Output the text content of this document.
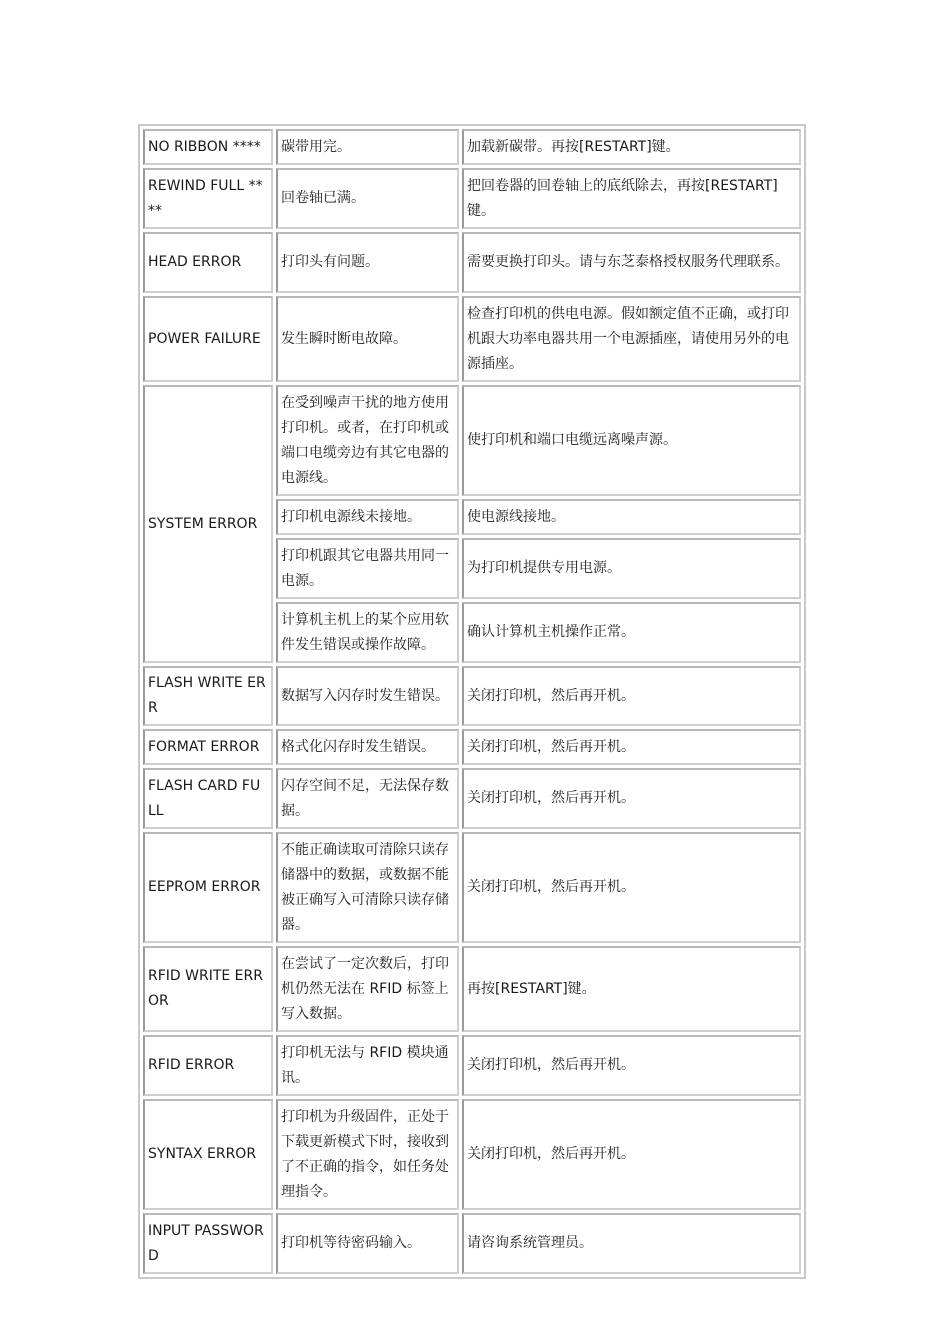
NO RIBBON ****	碳带用完。	加载新碳带。再按[RESTART]键。
REWIND FULL ****	回卷轴已满。	把回卷器的回卷轴上的底纸除去，再按[RESTART]键。
HEAD ERROR	打印头有问题。	需要更换打印头。请与东芝泰格授权服务代理联系。
POWER FAILURE	发生瞬时断电故障。	检查打印机的供电电源。假如额定值不正确，或打印机跟大功率电器共用一个电源插座，请使用另外的电源插座。
SYSTEM ERROR	在受到噪声干扰的地方使用打印机。或者，在打印机或端口电缆旁边有其它电器的电源线。	使打印机和端口电缆远离噪声源。
	打印机电源线未接地。	使电源线接地。
	打印机跟其它电器共用同一电源。	为打印机提供专用电源。
	计算机主机上的某个应用软件发生错误或操作故障。	确认计算机主机操作正常。
FLASH WRITE ERR	数据写入闪存时发生错误。	关闭打印机，然后再开机。
FORMAT ERROR	格式化闪存时发生错误。	关闭打印机，然后再开机。
FLASH CARD FULL	闪存空间不足，无法保存数据。	关闭打印机，然后再开机。
EEPROM ERROR	不能正确读取可清除只读存储器中的数据，或数据不能被正确写入可清除只读存储器。	关闭打印机，然后再开机。
RFID WRITE ERROR	在尝试了一定次数后，打印机仍然无法在 RFID 标签上写入数据。	再按[RESTART]键。
RFID ERROR	打印机无法与 RFID 模块通讯。	关闭打印机，然后再开机。
SYNTAX ERROR	打印机为升级固件，正处于下载更新模式下时，接收到了不正确的指令，如任务处理指令。	关闭打印机，然后再开机。
INPUT PASSWORD	打印机等待密码输入。	请咨询系统管理员。
